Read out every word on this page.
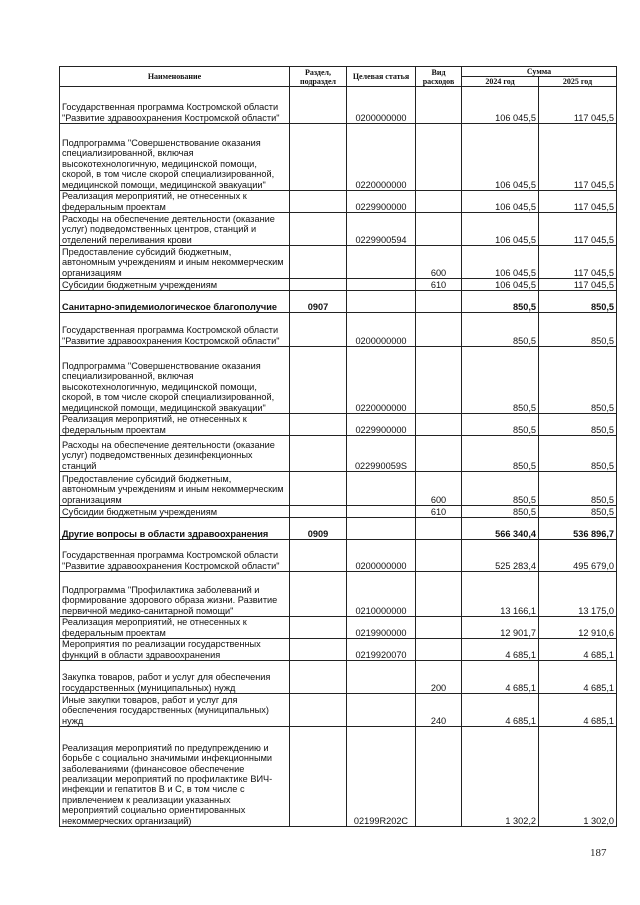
Наименование	Раздел, подраздел	Целевая статья	Вид расходов	Сумма	
				2024 год	2025 год
Государственная программа Костромской области "Развитие здравоохранения Костромской области"		0200000000		106 045,5	117 045,5
Подпрограмма "Совершенствование оказания специализированной, включая высокотехнологичную, медицинской помощи, скорой, в том числе скорой специализированной, медицинской помощи, медицинской эвакуации"		0220000000		106 045,5	117 045,5
Реализация мероприятий, не отнесенных к федеральным проектам		0229900000		106 045,5	117 045,5
Расходы на обеспечение деятельности (оказание услуг) подведомственных центров, станций и отделений переливания крови		0229900594		106 045,5	117 045,5
Предоставление субсидий бюджетным, автономным учреждениям и иным некоммерческим организациям			600	106 045,5	117 045,5
Субсидии бюджетным учреждениям			610	106 045,5	117 045,5
Санитарно-эпидемиологическое благополучие	0907			850,5	850,5
Государственная программа Костромской области "Развитие здравоохранения Костромской области"		0200000000		850,5	850,5
Подпрограмма "Совершенствование оказания специализированной, включая высокотехнологичную, медицинской помощи, скорой, в том числе скорой специализированной, медицинской помощи, медицинской эвакуации"		0220000000		850,5	850,5
Реализация мероприятий, не отнесенных к федеральным проектам		0229900000		850,5	850,5
Расходы на обеспечение деятельности (оказание услуг) подведомственных дезинфекционных станций		022990059S		850,5	850,5
Предоставление субсидий бюджетным, автономным учреждениям и иным некоммерческим организациям			600	850,5	850,5
Субсидии бюджетным учреждениям			610	850,5	850,5
Другие вопросы в области здравоохранения	0909			566 340,4	536 896,7
Государственная программа Костромской области "Развитие здравоохранения Костромской области"		0200000000		525 283,4	495 679,0
Подпрограмма "Профилактика заболеваний и формирование здорового образа жизни. Развитие первичной медико-санитарной помощи"		0210000000		13 166,1	13 175,0
Реализация мероприятий, не отнесенных к федеральным проектам		0219900000		12 901,7	12 910,6
Мероприятия по реализации государственных функций в области здравоохранения		0219920070		4 685,1	4 685,1
Закупка товаров, работ и услуг для обеспечения государственных (муниципальных) нужд			200	4 685,1	4 685,1
Иные закупки товаров, работ и услуг для обеспечения государственных (муниципальных) нужд			240	4 685,1	4 685,1
Реализация мероприятий по предупреждению и борьбе с социально значимыми инфекционными заболеваниями (финансовое обеспечение реализации мероприятий по профилактике ВИЧ- инфекции и гепатитов В и С, в том числе с привлечением к реализации указанных мероприятий социально ориентированных некоммерческих организаций)		02199R202C		1 302,2	1 302,0
187
